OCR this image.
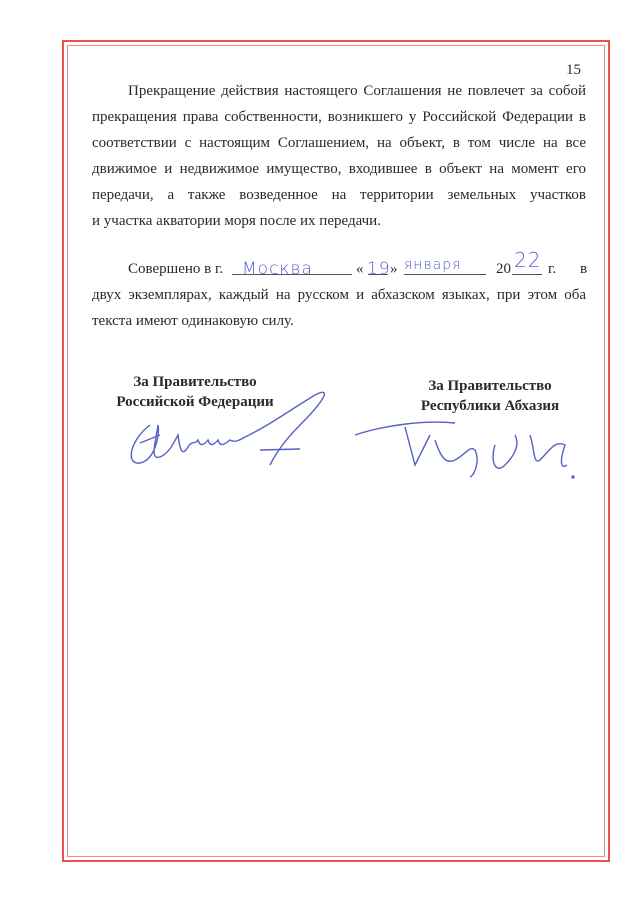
15
Прекращение действия настоящего Соглашения не повлечет за собой
прекращения права собственности, возникшего у Российской Федерации в
соответствии с настоящим Соглашением, на объект, в том числе на все
движимое и недвижимое имущество, входившее в объект на момент его
передачи, а также возведенное на территории земельных участков
и участка акватории моря после их передачи.
Совершено в г. Москва	« 19 » января 20 22 г. в
двух экземплярах, каждый на русском и абхазском языках, при этом оба
текста имеют одинаковую силу.
За Правительство
Российской Федерации
За Правительство
Республики Абхазия
